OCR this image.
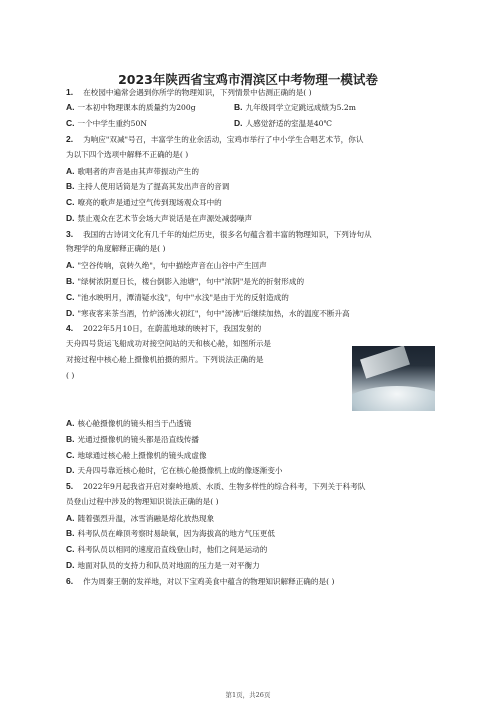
2023年陕西省宝鸡市渭滨区中考物理一模试卷
1. 在校园中遍常会遇到你所学的物理知识，下列情景中估测正确的是( )
A. 一本初中物理课本的质量约为200g	B. 九年级同学立定跳远成绩为5.2m
C. 一个中学生重约50N	D. 人感觉舒适的室温是40℃
2. 为响应"双减"号召，丰富学生的业余活动，宝鸡市举行了中小学生合唱艺术节，你认
为以下四个选项中解释不正确的是( )
A. 歌唱者的声音是由其声带振动产生的
B. 主持人使用话筒是为了提高其发出声音的音调
C. 嘹亮的歌声是通过空气传到现场观众耳中的
D. 禁止观众在艺术节会场大声说话是在声源处减弱噪声
3. 我国的古诗词文化有几千年的灿烂历史，很多名句蕴含着丰富的物理知识，下列诗句从
物理学的角度解释正确的是( )
A. "空谷传响，哀转久绝"，句中描绘声音在山谷中产生回声
B. "绿树浓阴夏日长，楼台倒影入池塘"，句中"浓阴"是光的折射形成的
C. "池水映明月，潭清疑水浅"，句中"水浅"是由于光的反射造成的
D. "寒夜客来茶当酒，竹炉汤沸火初红"，句中"汤沸"后继续加热，水的温度不断升高
4. 2022年5月10日，在蔚蓝地球的映衬下，我国发射的
天舟四号货运飞船成功对接空间站的天和核心舱，如图所示是
对接过程中核心舱上摄像机拍摄的照片。下列说法正确的是
( )
A. 核心舱摄像机的镜头相当于凸透镜
B. 光通过摄像机的镜头都是沿直线传播
C. 地球通过核心舱上摄像机的镜头成虚像
D. 天舟四号靠近核心舱时，它在核心舱摄像机上成的像逐渐变小
5. 2022年9月起我省开启对秦岭地质、水质、生物多样性的综合科考，下列关于科考队
员登山过程中涉及的物理知识说法正确的是( )
A. 随着强烈升温，冰雪消融是熔化放热现象
B. 科考队员在峰顶考察时易缺氧，因为海拔高的地方气压更低
C. 科考队员以相同的速度沿直线登山时，他们之间是运动的
D. 地面对队员的支持力和队员对地面的压力是一对平衡力
6. 作为周秦王朝的发祥地，对以下宝鸡美食中蕴含的物理知识解释正确的是( )
第1页，共26页
